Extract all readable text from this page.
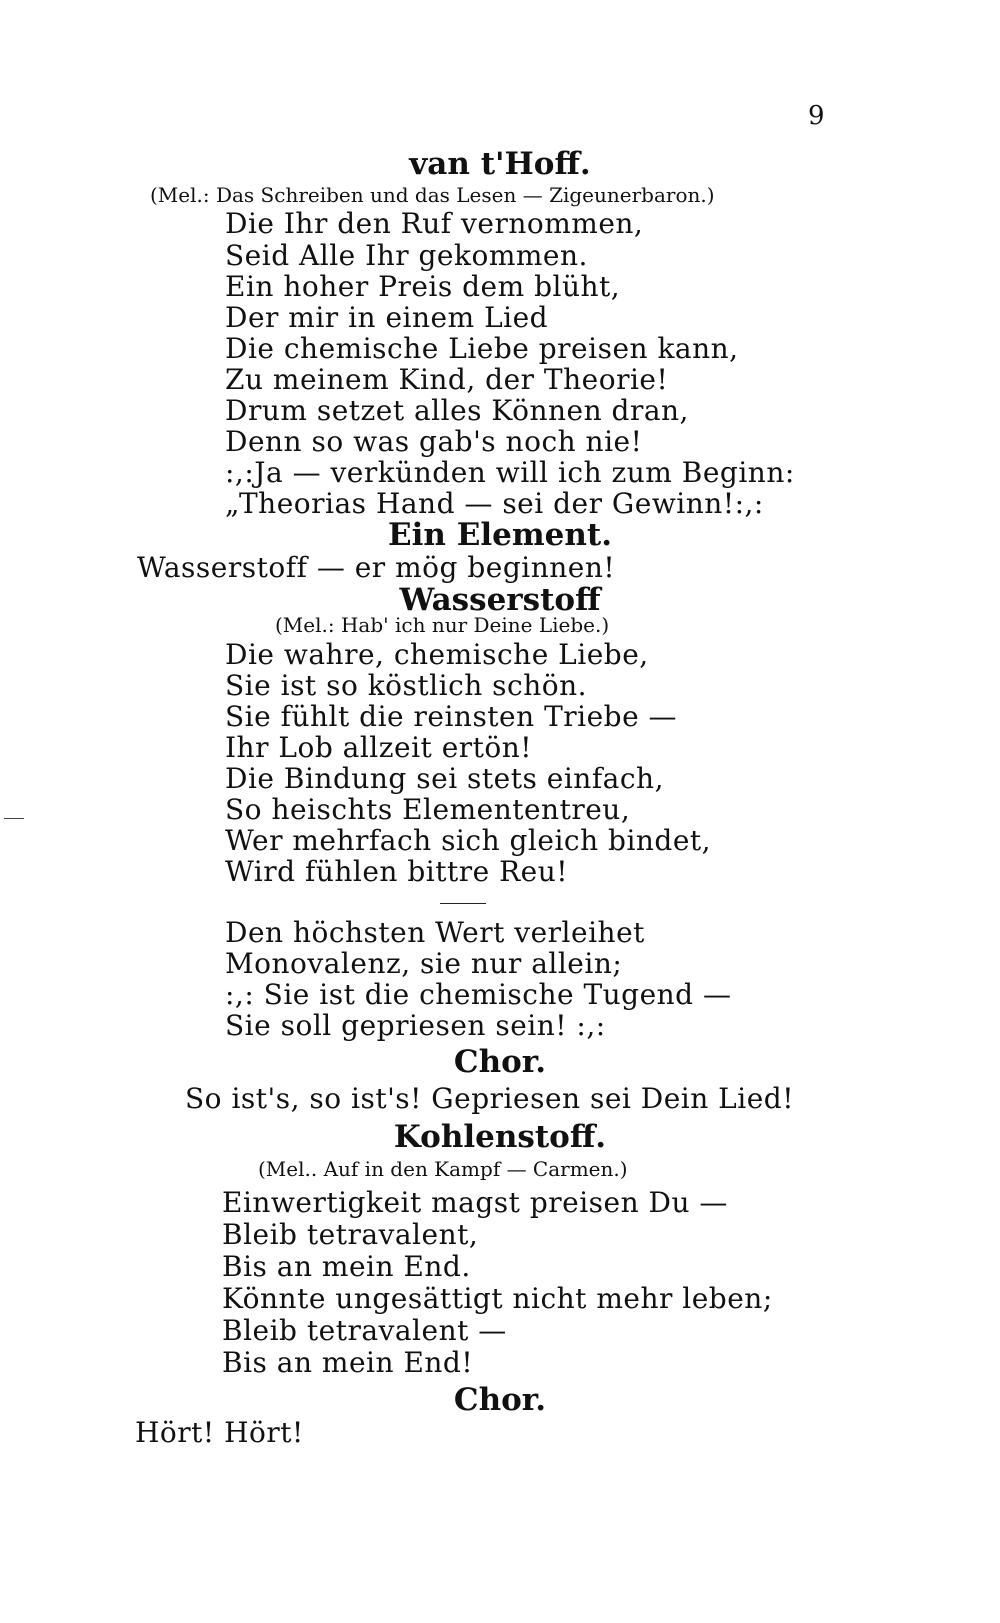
9
van t'Hoff.
(Mel.: Das Schreiben und das Lesen — Zigeunerbaron.)
Die Ihr den Ruf vernommen,
Seid Alle Ihr gekommen.
Ein hoher Preis dem blüht,
Der mir in einem Lied
Die chemische Liebe preisen kann,
Zu meinem Kind, der Theorie!
Drum setzet alles Können dran,
Denn so was gab's noch nie!
:,:Ja — verkünden will ich zum Beginn:
„Theorias Hand — sei der Gewinn!:,:
Ein Element.
Wasserstoff — er mög beginnen!
Wasserstoff
(Mel.: Hab' ich nur Deine Liebe.)
Die wahre, chemische Liebe,
Sie ist so köstlich schön.
Sie fühlt die reinsten Triebe —
Ihr Lob allzeit ertön!
Die Bindung sei stets einfach,
So heischts Elemententreu,
Wer mehrfach sich gleich bindet,
Wird fühlen bittre Reu!
Den höchsten Wert verleihet
Monovalenz, sie nur allein;
:,: Sie ist die chemische Tugend —
Sie soll gepriesen sein! :,:
Chor.
So ist's, so ist's! Gepriesen sei Dein Lied!
Kohlenstoff.
(Mel.. Auf in den Kampf — Carmen.)
Einwertigkeit magst preisen Du —
Bleib tetravalent,
Bis an mein End.
Könnte ungesättigt nicht mehr leben;
Bleib tetravalent —
Bis an mein End!
Chor.
Hört! Hört!
